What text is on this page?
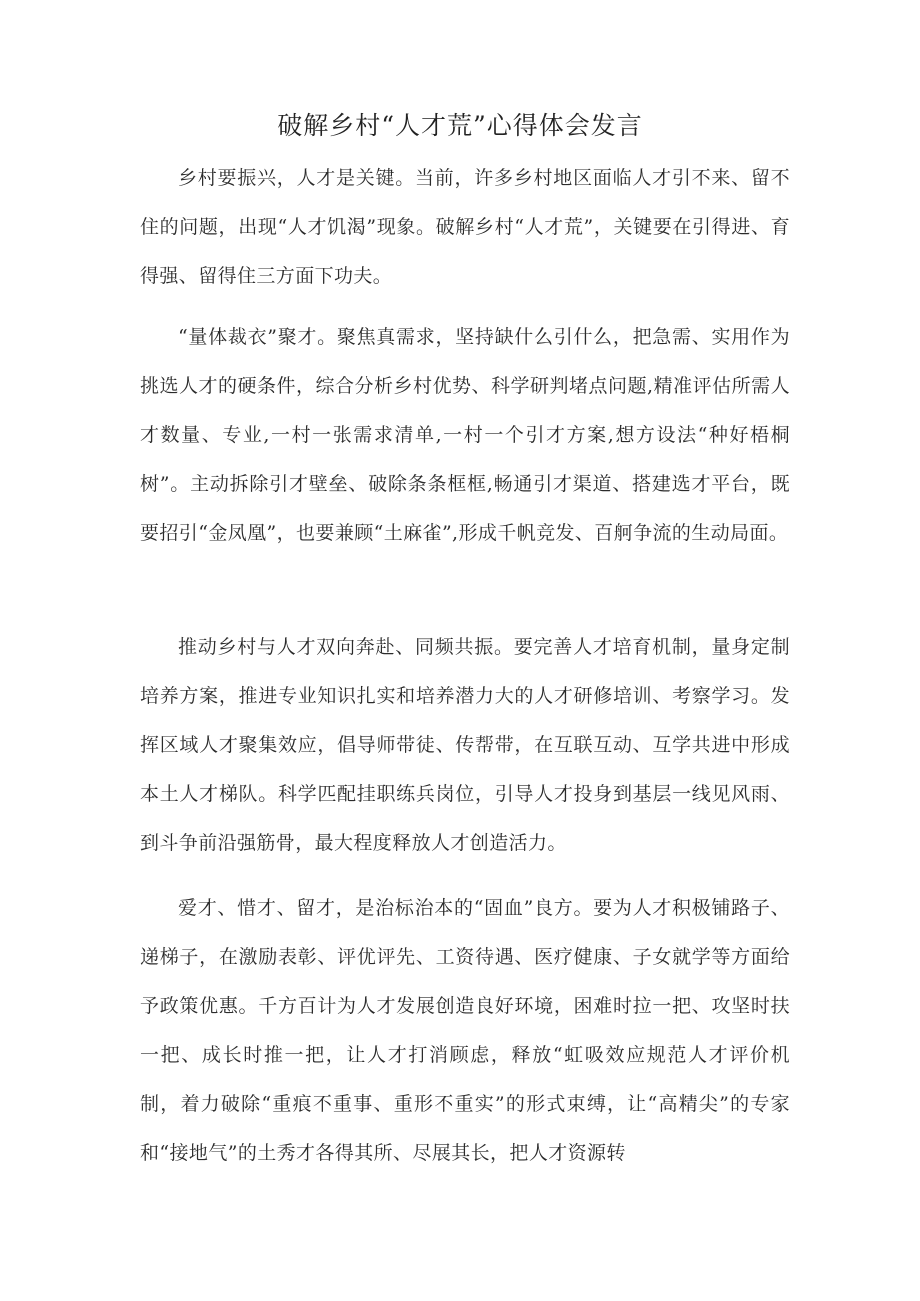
破解乡村“人才荒”心得体会发言

乡村要振兴，人才是关键。当前，许多乡村地区面临人才引不来、留不住的问题，出现“人才饥渴”现象。破解乡村“人才荒”，关键要在引得进、育得强、留得住三方面下功夫。

“量体裁衣”聚才。聚焦真需求，坚持缺什么引什么，把急需、实用作为挑选人才的硬条件，综合分析乡村优势、科学研判堵点问题,精准评估所需人才数量、专业,一村一张需求清单,一村一个引才方案,想方设法“种好梧桐树”。主动拆除引才壁垒、破除条条框框,畅通引才渠道、搭建选才平台，既要招引“金凤凰”，也要兼顾“土麻雀”,形成千帆竞发、百舸争流的生动局面。

推动乡村与人才双向奔赴、同频共振。要完善人才培育机制，量身定制培养方案，推进专业知识扎实和培养潜力大的人才研修培训、考察学习。发挥区域人才聚集效应，倡导师带徒、传帮带，在互联互动、互学共进中形成本土人才梯队。科学匹配挂职练兵岗位，引导人才投身到基层一线见风雨、到斗争前沿强筋骨，最大程度释放人才创造活力。

爱才、惜才、留才，是治标治本的“固血”良方。要为人才积极铺路子、递梯子，在激励表彰、评优评先、工资待遇、医疗健康、子女就学等方面给予政策优惠。千方百计为人才发展创造良好环境，困难时拉一把、攻坚时扶一把、成长时推一把，让人才打消顾虑，释放“虹吸效应规范人才评价机制，着力破除“重痕不重事、重形不重实”的形式束缚，让“高精尖”的专家和“接地气”的土秀才各得其所、尽展其长，把人才资源转
